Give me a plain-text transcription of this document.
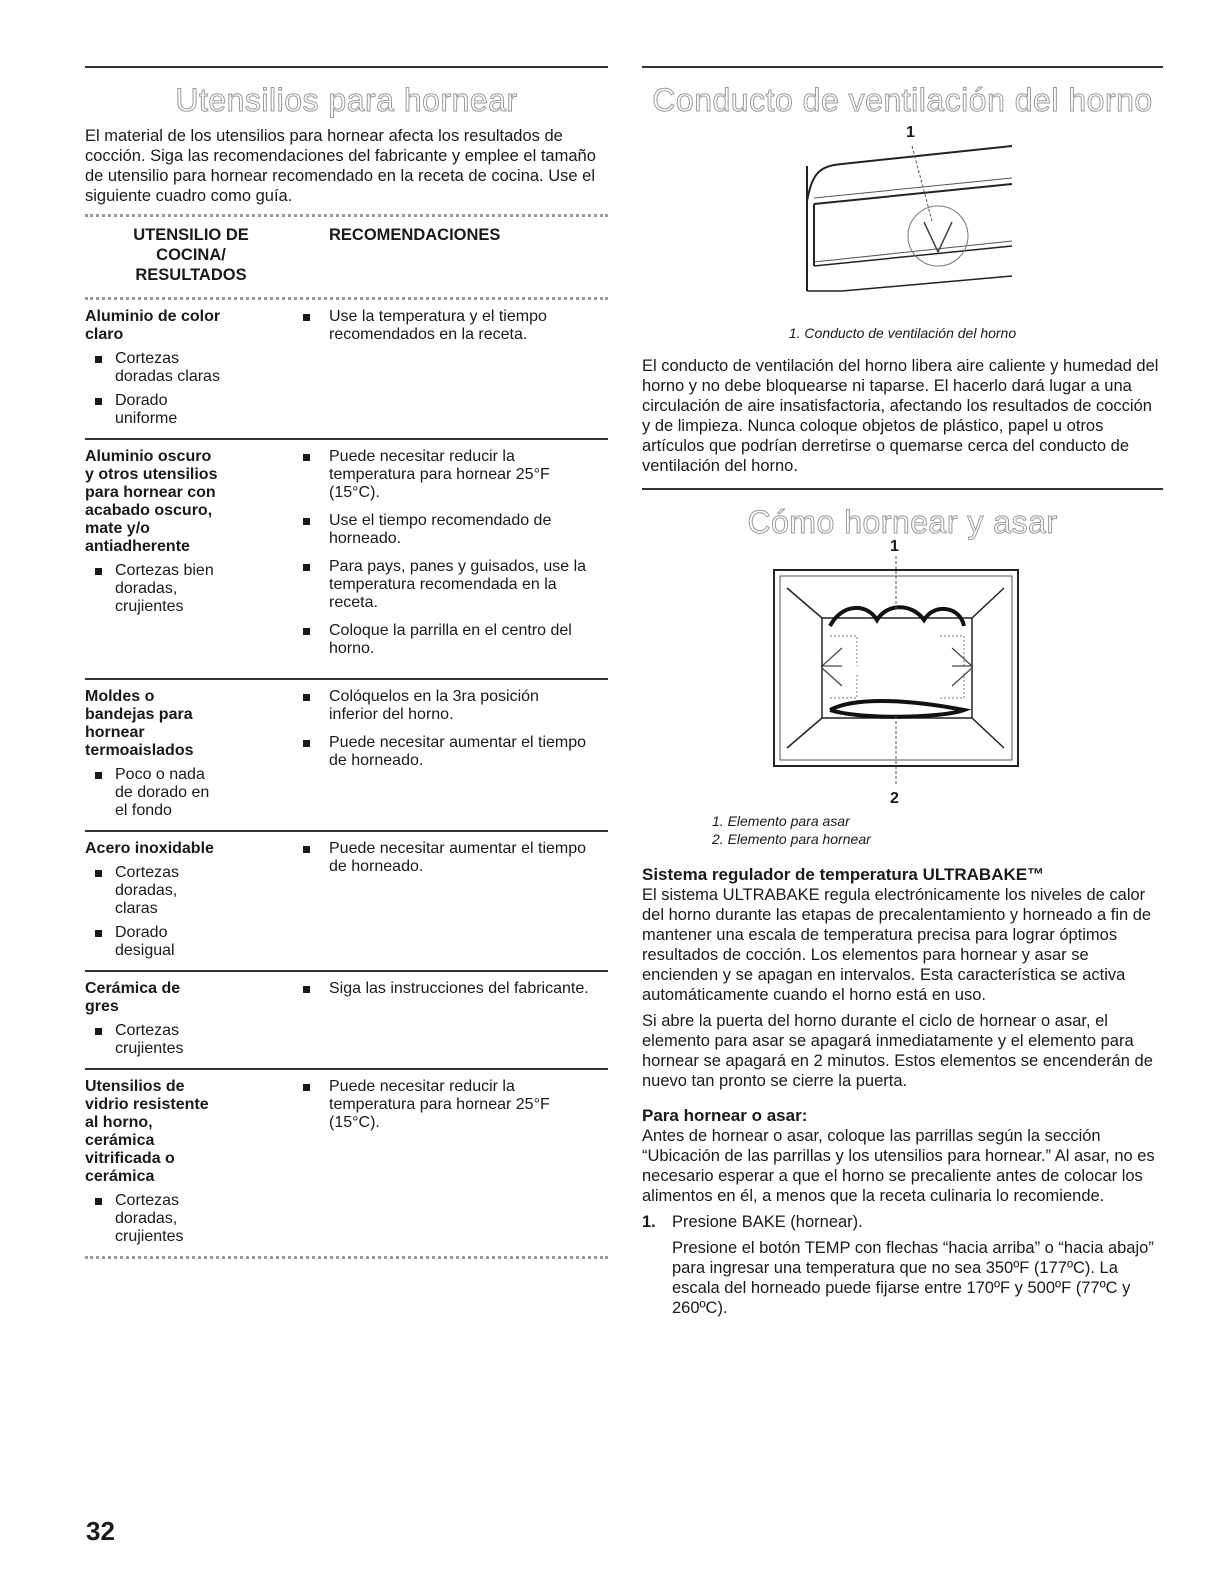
Utensilios para hornear

El material de los utensilios para hornear afecta los resultados de cocción. Siga las recomendaciones del fabricante y emplee el tamaño de utensilio para hornear recomendado en la receta de cocina. Use el siguiente cuadro como guía.

UTENSILIO DE
COCINA/
RESULTADOS
RECOMENDACIONES
Aluminio de color
claro
Cortezas
doradas claras
Dorado
uniforme
Use la temperatura y el tiempo
recomendados en la receta.
Aluminio oscuro
y otros utensilios
para hornear con
acabado oscuro,
mate y/o
antiadherente
Cortezas bien
doradas,
crujientes
Puede necesitar reducir la
temperatura para hornear 25°F
(15°C).
Use el tiempo recomendado de
horneado.
Para pays, panes y guisados, use la
temperatura recomendada en la
receta.
Coloque la parrilla en el centro del
horno.
Moldes o
bandejas para
hornear
termoaislados
Poco o nada
de dorado en
el fondo
Colóquelos en la 3ra posición
inferior del horno.
Puede necesitar aumentar el tiempo
de horneado.
Acero inoxidable
Cortezas
doradas,
claras
Dorado
desigual
Puede necesitar aumentar el tiempo
de horneado.
Cerámica de
gres
Cortezas
crujientes
Siga las instrucciones del fabricante.
Utensilios de
vidrio resistente
al horno,
cerámica
vitrificada o
cerámica
Cortezas
doradas,
crujientes
Puede necesitar reducir la
temperatura para hornear 25°F
(15°C).
Conducto de ventilación del horno
1
1. Conducto de ventilación del horno

El conducto de ventilación del horno libera aire caliente y humedad del horno y no debe bloquearse ni taparse. El hacerlo dará lugar a una circulación de aire insatisfactoria, afectando los resultados de cocción y de limpieza. Nunca coloque objetos de plástico, papel u otros artículos que podrían derretirse o quemarse cerca del conducto de ventilación del horno.

Cómo hornear y asar
1
2
1. Elemento para asar
2. Elemento para hornear

Sistema regulador de temperatura ULTRABAKE™

El sistema ULTRABAKE regula electrónicamente los niveles de calor del horno durante las etapas de precalentamiento y horneado a fin de mantener una escala de temperatura precisa para lograr óptimos resultados de cocción. Los elementos para hornear y asar se encienden y se apagan en intervalos. Esta característica se activa automáticamente cuando el horno está en uso.

Si abre la puerta del horno durante el ciclo de hornear o asar, el elemento para asar se apagará inmediatamente y el elemento para hornear se apagará en 2 minutos. Estos elementos se encenderán de nuevo tan pronto se cierre la puerta.

Para hornear o asar:

Antes de hornear o asar, coloque las parrillas según la sección “Ubicación de las parrillas y los utensilios para hornear.” Al asar, no es necesario esperar a que el horno se precaliente antes de colocar los alimentos en él, a menos que la receta culinaria lo recomiende.

1. Presione BAKE (hornear).
Presione el botón TEMP con flechas “hacia arriba” o “hacia abajo” para ingresar una temperatura que no sea 350ºF (177ºC). La escala del horneado puede fijarse entre 170ºF y 500ºF (77ºC y 260ºC).
32
